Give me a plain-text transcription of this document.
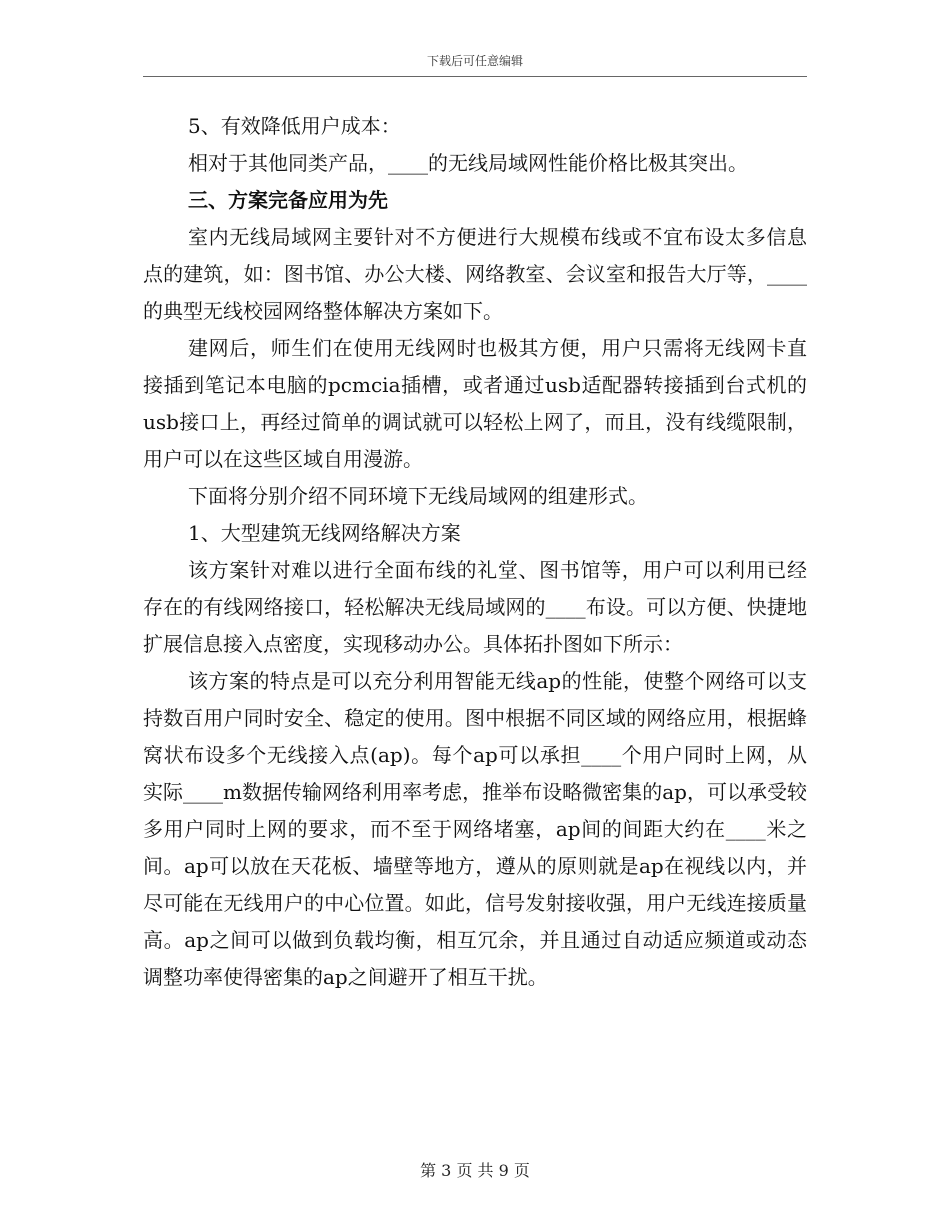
下载后可任意编辑

5、有效降低用户成本：

相对于其他同类产品，____的无线局域网性能价格比极其突出。

三、方案完备应用为先

室内无线局域网主要针对不方便进行大规模布线或不宜布设太多信息点的建筑，如：图书馆、办公大楼、网络教室、会议室和报告大厅等，____的典型无线校园网络整体解决方案如下。

建网后，师生们在使用无线网时也极其方便，用户只需将无线网卡直接插到笔记本电脑的pcmcia插槽，或者通过usb适配器转接插到台式机的usb接口上，再经过简单的调试就可以轻松上网了，而且，没有线缆限制，用户可以在这些区域自用漫游。

下面将分别介绍不同环境下无线局域网的组建形式。

1、大型建筑无线网络解决方案

该方案针对难以进行全面布线的礼堂、图书馆等，用户可以利用已经存在的有线网络接口，轻松解决无线局域网的____布设。可以方便、快捷地扩展信息接入点密度，实现移动办公。具体拓扑图如下所示：

该方案的特点是可以充分利用智能无线ap的性能，使整个网络可以支持数百用户同时安全、稳定的使用。图中根据不同区域的网络应用，根据蜂窝状布设多个无线接入点(ap)。每个ap可以承担____个用户同时上网，从实际____m数据传输网络利用率考虑，推举布设略微密集的ap，可以承受较多用户同时上网的要求，而不至于网络堵塞，ap间的间距大约在____米之间。ap可以放在天花板、墙壁等地方，遵从的原则就是ap在视线以内，并尽可能在无线用户的中心位置。如此，信号发射接收强，用户无线连接质量高。ap之间可以做到负载均衡，相互冗余，并且通过自动适应频道或动态调整功率使得密集的ap之间避开了相互干扰。

第 3 页 共 9 页
